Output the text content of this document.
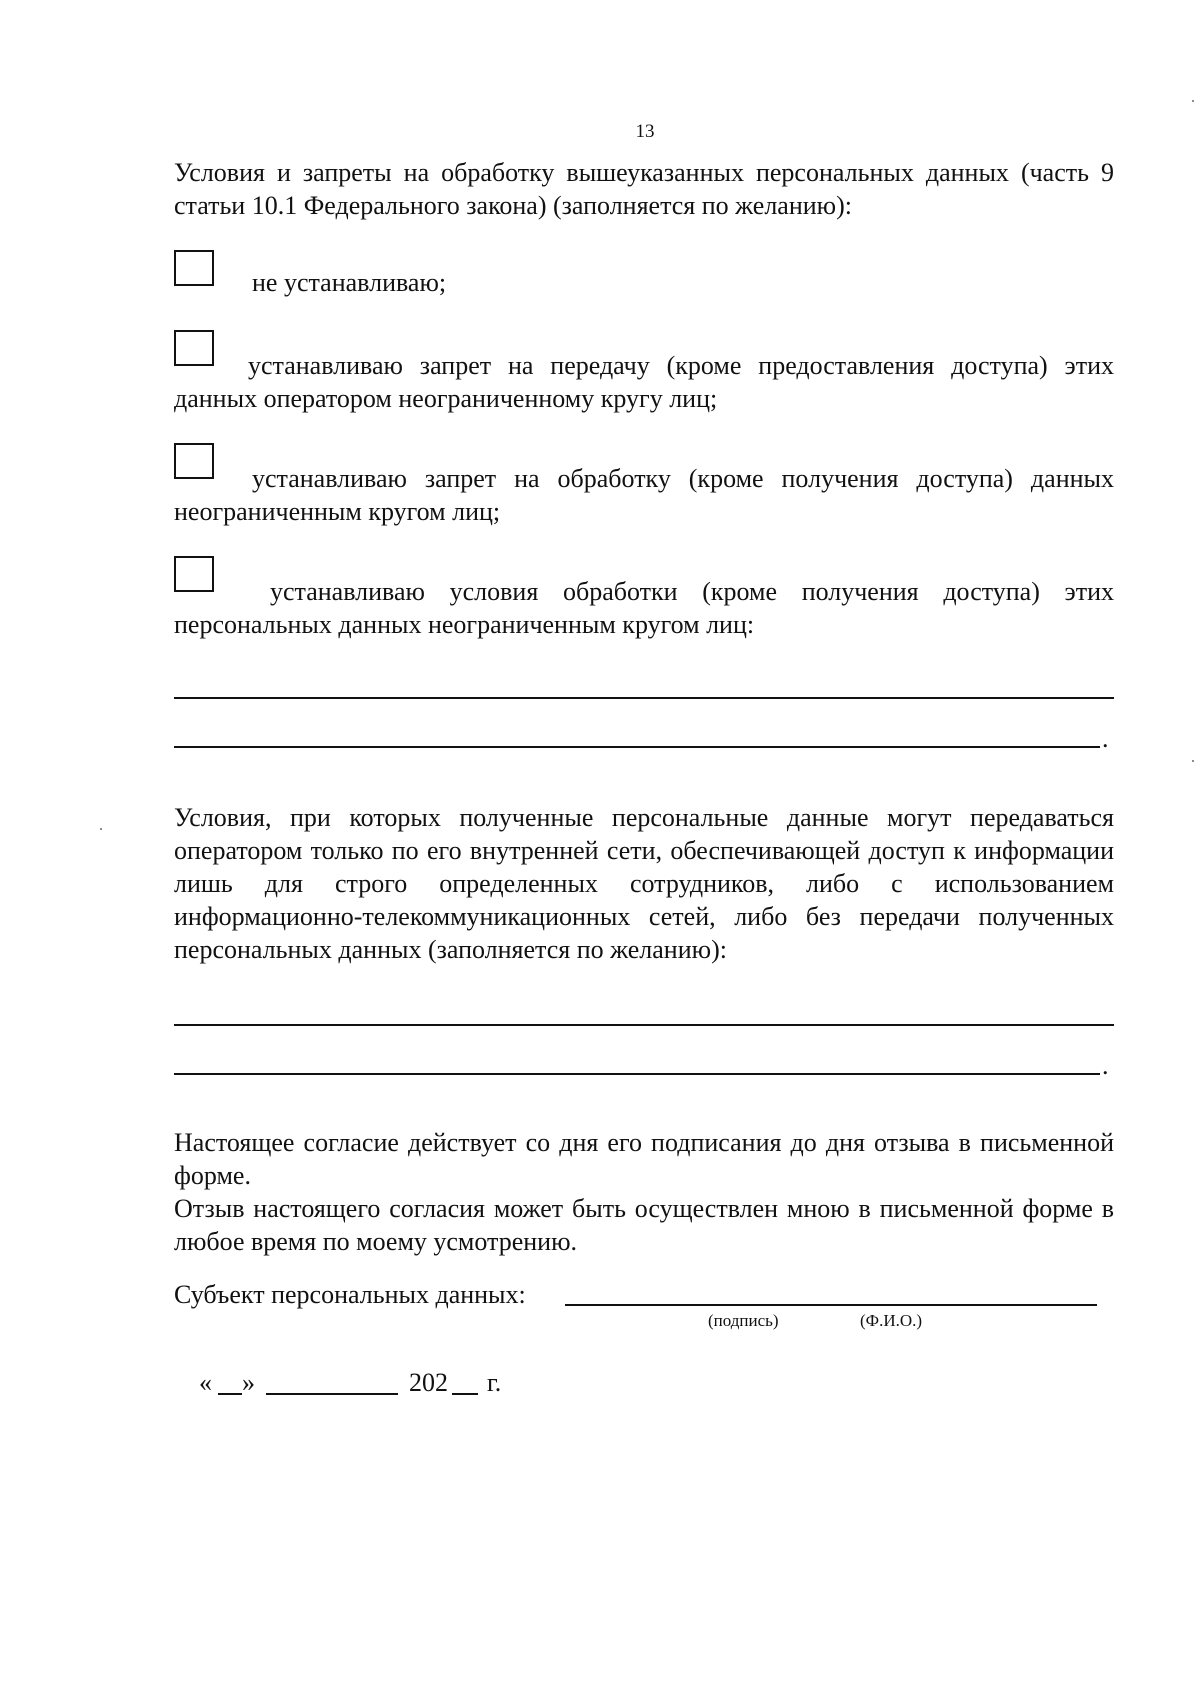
13
Условия и запреты на обработку вышеуказанных персональных данных (часть 9 статьи 10.1 Федерального закона) (заполняется по желанию):
не устанавливаю;
устанавливаю запрет на передачу (кроме предоставления доступа) этих данных оператором неограниченному кругу лиц;
устанавливаю запрет на обработку (кроме получения доступа) данных неограниченным кругом лиц;
устанавливаю условия обработки (кроме получения доступа) этих персональных данных неограниченным кругом лиц:
.
Условия, при которых полученные персональные данные могут передаваться оператором только по его внутренней сети, обеспечивающей доступ к информации лишь для строго определенных сотрудников, либо с использованием информационно-телекоммуникационных сетей, либо без передачи полученных персональных данных (заполняется по желанию):
.
Настоящее согласие действует со дня его подписания до дня отзыва в письменной форме.
Отзыв настоящего согласия может быть осуществлен мною в письменной форме в любое время по моему усмотрению.
Субъект персональных данных:
(подпись)	(Ф.И.О.)
« »	202	г.
